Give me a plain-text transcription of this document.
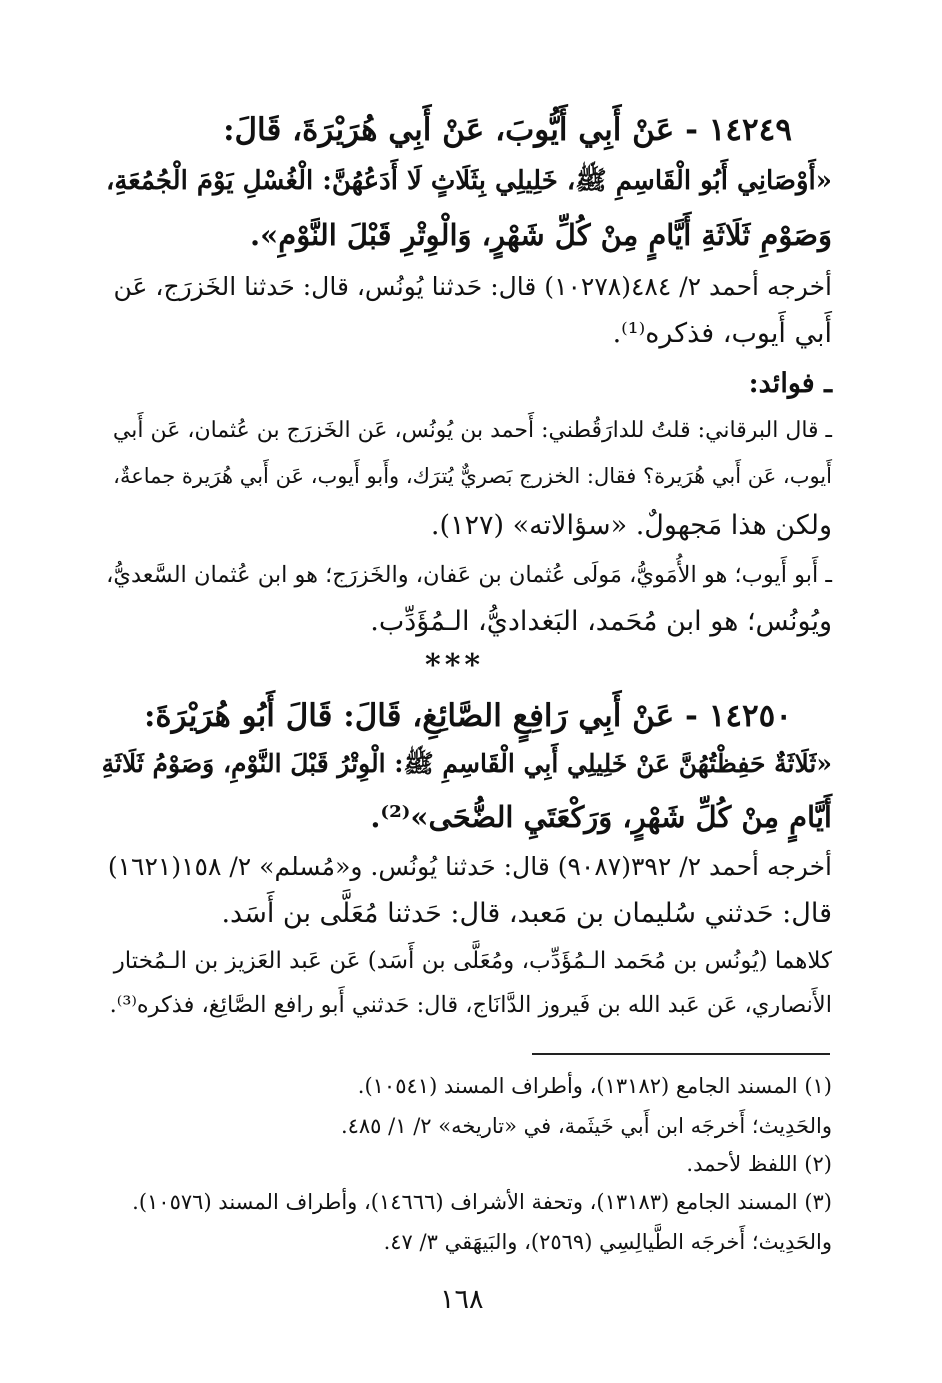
١٤٢٤٩ - عَنْ أَبِي أَيُّوبَ، عَنْ أَبِي هُرَيْرَةَ، قَالَ:
«أَوْصَانِي أَبُو الْقَاسِمِ ﷺ، خَلِيلِي بِثَلَاثٍ لَا أَدَعُهُنَّ: الْغُسْلِ يَوْمَ الْجُمُعَةِ،
وَصَوْمِ ثَلَاثَةِ أَيَّامٍ مِنْ كُلِّ شَهْرٍ، وَالْوِتْرِ قَبْلَ النَّوْمِ».
أخرجه أحمد ٢/ ٤٨٤(١٠٢٧٨) قال: حَدثنا يُونُس، قال: حَدثنا الخَزرَج، عَن
أَبي أَيوب، فذكره⁽¹⁾.
ـ فوائد:
ـ قال البرقاني: قلتُ للدارَقُطني: أَحمد بن يُونُس، عَن الخَزرَج بن عُثمان، عَن أَبي
أَيوب، عَن أَبي هُرَيرة؟ فقال: الخزرج بَصريٌّ يُترَك، وأَبو أَيوب، عَن أَبي هُرَيرة جماعةٌ،
ولكن هذا مَجهولٌ. «سؤالاته» (١٢٧).
ـ أَبو أَيوب؛ هو الأُمَويُّ، مَولَى عُثمان بن عَفان، والخَزرَج؛ هو ابن عُثمان السَّعديُّ،
ويُونُس؛ هو ابن مُحَمد، البَغداديُّ، الـمُؤَدِّب.
***
١٤٢٥٠ - عَنْ أَبِي رَافِعٍ الصَّائِغِ، قَالَ: قَالَ أَبُو هُرَيْرَةَ:
«ثَلَاثَةٌ حَفِظْتُهُنَّ عَنْ خَلِيلِي أَبِي الْقَاسِمِ ﷺ: الْوِتْرُ قَبْلَ النَّوْمِ، وَصَوْمُ ثَلَاثَةِ
أَيَّامٍ مِنْ كُلِّ شَهْرٍ، وَرَكْعَتَيِ الضُّحَى»⁽²⁾.
أخرجه أحمد ٢/ ٣٩٢(٩٠٨٧) قال: حَدثنا يُونُس. و«مُسلم» ٢/ ١٥٨(١٦٢١)
قال: حَدثني سُليمان بن مَعبد، قال: حَدثنا مُعَلَّى بن أَسَد.
كلاهما (يُونُس بن مُحَمد الـمُؤَدِّب، ومُعَلَّى بن أَسَد) عَن عَبد العَزيز بن الـمُختار
الأَنصاري، عَن عَبد الله بن فَيروز الدَّانَاج، قال: حَدثني أَبو رافع الصَّائِغ، فذكره⁽³⁾.
(١) المسند الجامع (١٣١٨٢)، وأطراف المسند (١٠٥٤١).
والحَدِيث؛ أَخرجَه ابن أَبي خَيثَمة، في «تاريخه» ٢/ ١/ ٤٨٥.
(٢) اللفظ لأحمد.
(٣) المسند الجامع (١٣١٨٣)، وتحفة الأشراف (١٤٦٦٦)، وأطراف المسند (١٠٥٧٦).
والحَدِيث؛ أَخرجَه الطَّيالِسِي (٢٥٦٩)، والبَيهَقي ٣/ ٤٧.
١٦٨
